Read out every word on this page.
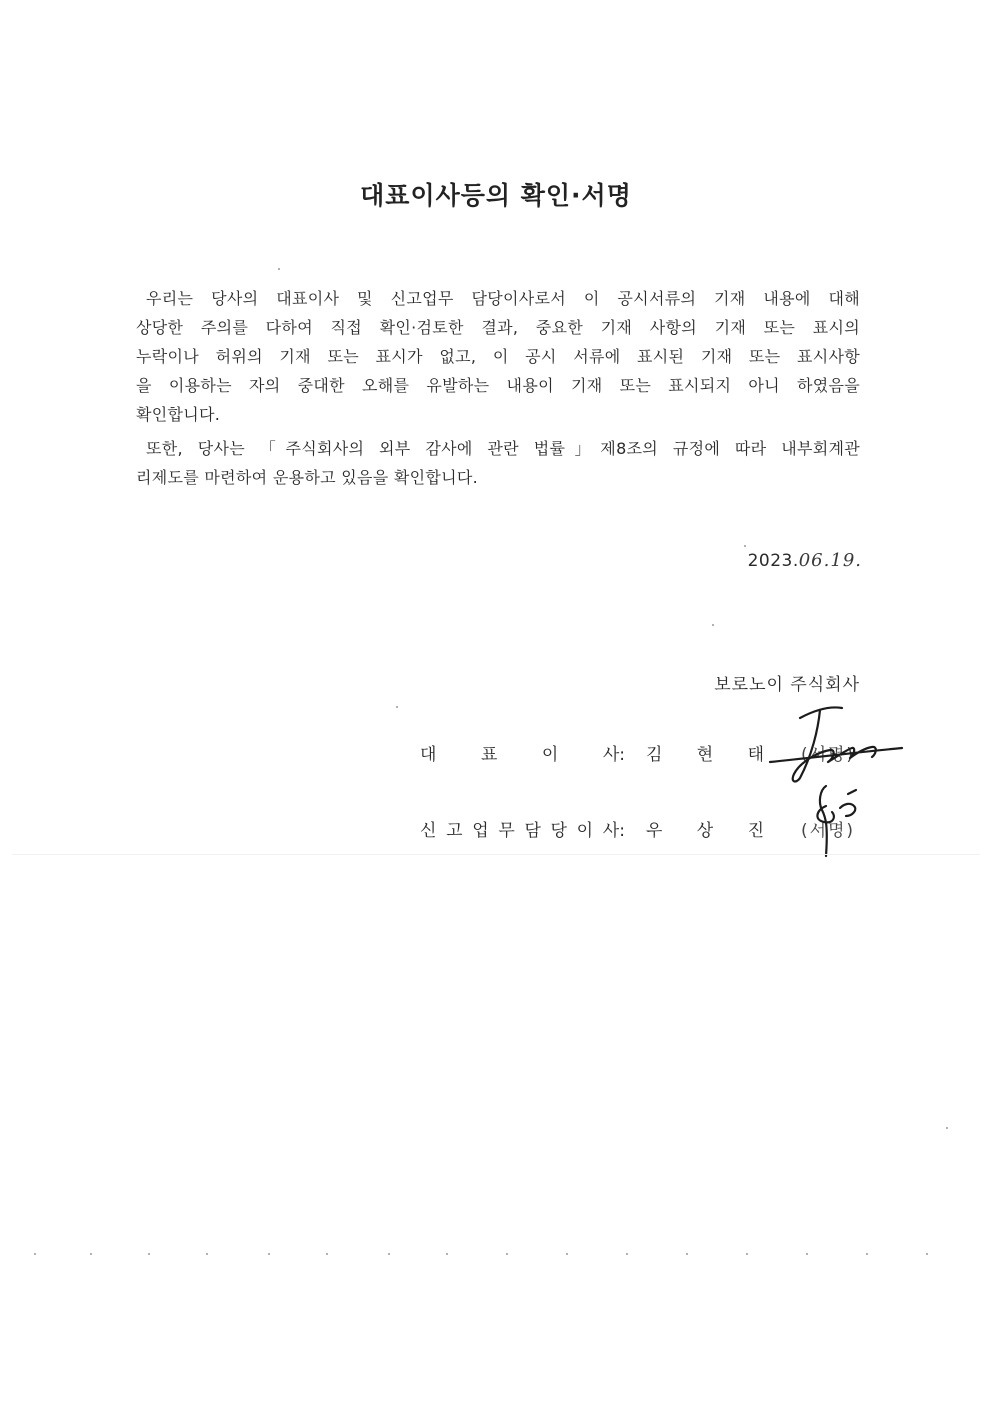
대표이사등의 확인·서명
우리는 당사의 대표이사 및 신고업무 담당이사로서 이 공시서류의 기재 내용에 대해
상당한 주의를 다하여 직접 확인·검토한 결과, 중요한 기재 사항의 기재 또는 표시의
누락이나 허위의 기재 또는 표시가 없고, 이 공시 서류에 표시된 기재 또는 표시사항
을 이용하는 자의 중대한 오해를 유발하는 내용이 기재 또는 표시되지 아니 하였음을
확인합니다.
또한, 당사는 「주식회사의 외부 감사에 관란 법률」제8조의 규정에 따라 내부회계관
리제도를 마련하여 운용하고 있음을 확인합니다.
2023. 06.19.
보로노이 주식회사
대	표	이	사: 김 현 태 (서명)
신 고 업 무 담 당 이 사: 우 상 진 (서명)
